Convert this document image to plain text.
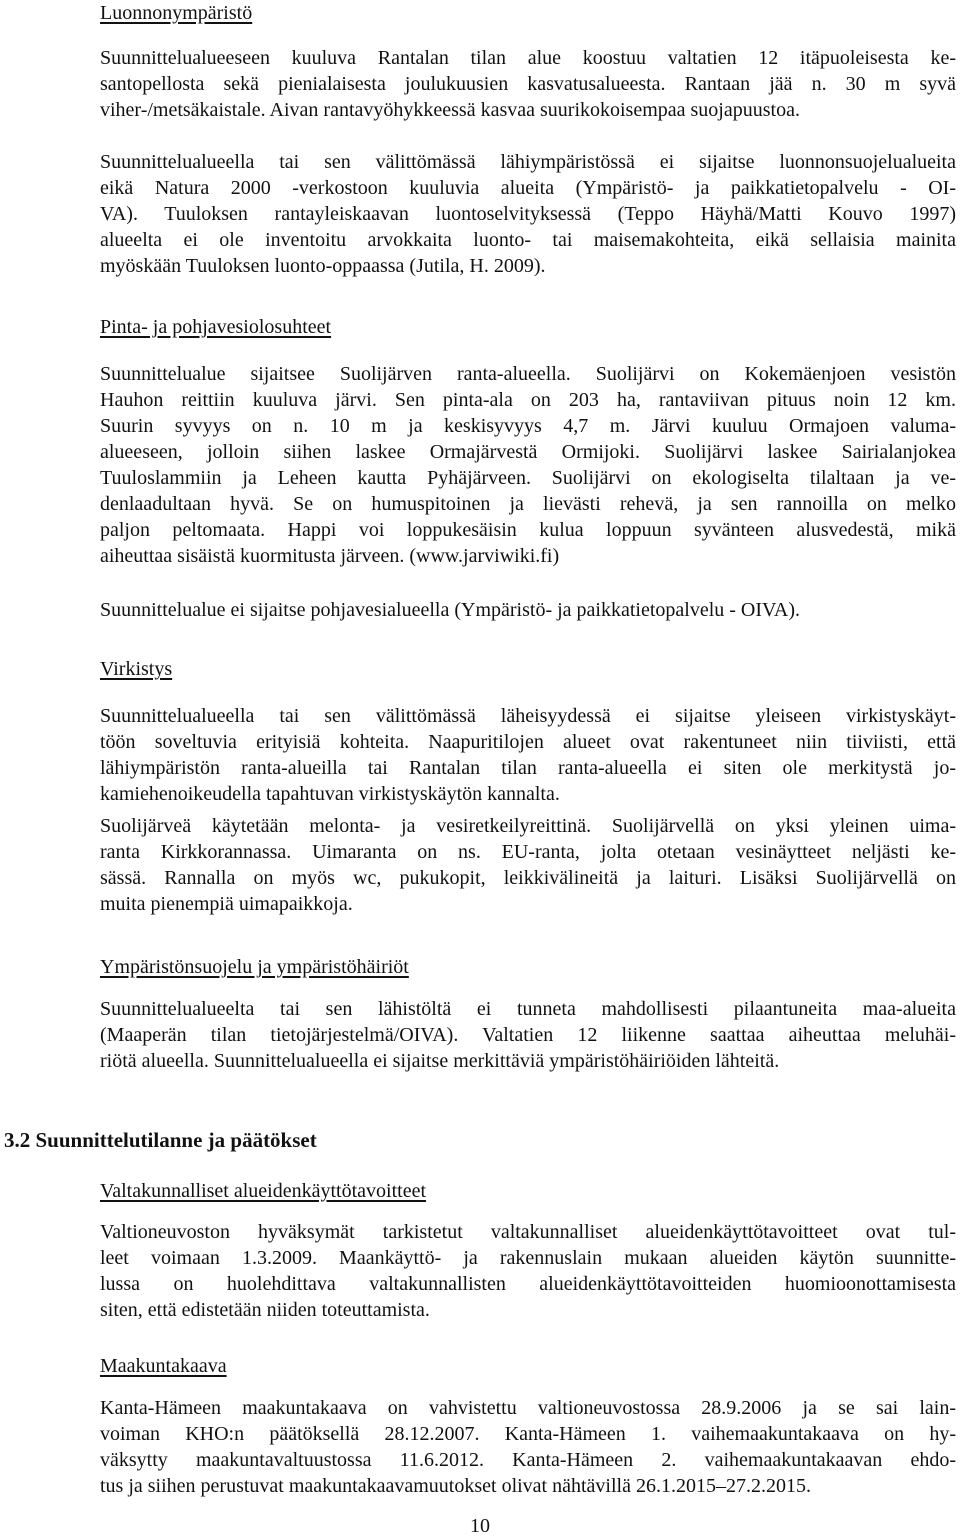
Luonnonympäristö
Suunnittelualueeseen kuuluva Rantalan tilan alue koostuu valtatien 12 itäpuoleisesta ke-
santopellosta sekä pienialaisesta joulukuusien kasvatusalueesta. Rantaan jää n. 30 m syvä
viher-/metsäkaistale. Aivan rantavyöhykkeessä kasvaa suurikokoisempaa suojapuustoa.
Suunnittelualueella tai sen välittömässä lähiympäristössä ei sijaitse luonnonsuojelualueita
eikä Natura 2000 -verkostoon kuuluvia alueita (Ympäristö- ja paikkatietopalvelu - OI-
VA). Tuuloksen rantayleiskaavan luontoselvityksessä (Teppo Häyhä/Matti Kouvo 1997)
alueelta ei ole inventoitu arvokkaita luonto- tai maisemakohteita, eikä sellaisia mainita
myöskään Tuuloksen luonto-oppaassa (Jutila, H. 2009).
Pinta- ja pohjavesiolosuhteet
Suunnittelualue sijaitsee Suolijärven ranta-alueella. Suolijärvi on Kokemäenjoen vesistön
Hauhon reittiin kuuluva järvi. Sen pinta-ala on 203 ha, rantaviivan pituus noin 12 km.
Suurin syvyys on n. 10 m ja keskisyvyys 4,7 m. Järvi kuuluu Ormajoen valuma-
alueeseen, jolloin siihen laskee Ormajärvestä Ormijoki. Suolijärvi laskee Sairialanjokea
Tuuloslammiin ja Leheen kautta Pyhäjärveen. Suolijärvi on ekologiselta tilaltaan ja ve-
denlaadultaan hyvä. Se on humuspitoinen ja lievästi rehevä, ja sen rannoilla on melko
paljon peltomaata. Happi voi loppukesäisin kulua loppuun syvänteen alusvedestä, mikä
aiheuttaa sisäistä kuormitusta järveen. (www.jarviwiki.fi)
Suunnittelualue ei sijaitse pohjavesialueella (Ympäristö- ja paikkatietopalvelu - OIVA).
Virkistys
Suunnittelualueella tai sen välittömässä läheisyydessä ei sijaitse yleiseen virkistyskäyt-
töön soveltuvia erityisiä kohteita. Naapuritilojen alueet ovat rakentuneet niin tiiviisti, että
lähiympäristön ranta-alueilla tai Rantalan tilan ranta-alueella ei siten ole merkitystä jo-
kamiehenoikeudella tapahtuvan virkistyskäytön kannalta.
Suolijärveä käytetään melonta- ja vesiretkeilyreittinä. Suolijärvellä on yksi yleinen uima-
ranta Kirkkorannassa. Uimaranta on ns. EU-ranta, jolta otetaan vesinäytteet neljästi ke-
sässä. Rannalla on myös wc, pukukopit, leikkivälineitä ja laituri. Lisäksi Suolijärvellä on
muita pienempiä uimapaikkoja.
Ympäristönsuojelu ja ympäristöhäiriöt
Suunnittelualueelta tai sen lähistöltä ei tunneta mahdollisesti pilaantuneita maa-alueita
(Maaperän tilan tietojärjestelmä/OIVA). Valtatien 12 liikenne saattaa aiheuttaa meluhäi-
riötä alueella. Suunnittelualueella ei sijaitse merkittäviä ympäristöhäiriöiden lähteitä.
3.2 Suunnittelutilanne ja päätökset
Valtakunnalliset alueidenkäyttötavoitteet
Valtioneuvoston hyväksymät tarkistetut valtakunnalliset alueidenkäyttötavoitteet ovat tul-
leet voimaan 1.3.2009. Maankäyttö- ja rakennuslain mukaan alueiden käytön suunnitte-
lussa on huolehdittava valtakunnallisten alueidenkäyttötavoitteiden huomioonottamisesta
siten, että edistetään niiden toteuttamista.
Maakuntakaava
Kanta-Hämeen maakuntakaava on vahvistettu valtioneuvostossa 28.9.2006 ja se sai lain-
voiman KHO:n päätöksellä 28.12.2007. Kanta-Hämeen 1. vaihemaakuntakaava on hy-
väksytty maakuntavaltuustossa 11.6.2012. Kanta-Hämeen 2. vaihemaakuntakaavan ehdo-
tus ja siihen perustuvat maakuntakaavamuutokset olivat nähtävillä 26.1.2015–27.2.2015.
10
